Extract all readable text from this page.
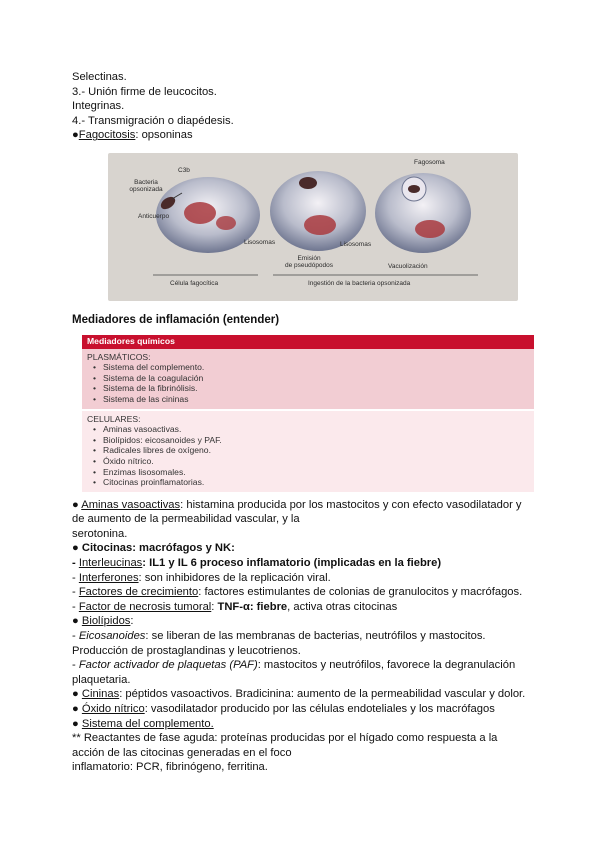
Selectinas.
3.- Unión firme de leucocitos.
Integrinas.
4.- Transmigración o diapédesis.
●Fagocitosis: opsoninas
Bacteria
opsonizada
C3b
Anticuerpo
Fagosoma
Lisosomas	Lisosomas
Emisión
de pseudópodos	Vacuolización
Célula fagocítica	Ingestión de la bacteria opsonizada
Mediadores de inflamación (entender)
Mediadores químicos
PLASMÁTICOS:
• Sistema del complemento.
• Sistema de la coagulación
• Sistema de la fibrinólisis.
• Sistema de las cininas
CELULARES:
• Aminas vasoactivas.
• Biolípidos: eicosanoides y PAF.
• Radicales libres de oxígeno.
• Óxido nítrico.
• Enzimas lisosomales.
• Citocinas proinflamatorias.
● Aminas vasoactivas: histamina producida por los mastocitos y con efecto vasodilatador y de aumento de la permeabilidad vascular, y la
serotonina.
● Citocinas: macrófagos y NK:
- Interleucinas: IL1 y IL 6 proceso inflamatorio (implicadas en la fiebre)
- Interferones: son inhibidores de la replicación viral.
- Factores de crecimiento: factores estimulantes de colonias de granulocitos y macrófagos.
- Factor de necrosis tumoral: TNF-α: fiebre, activa otras citocinas
● Biolípidos:
- Eicosanoides: se liberan de las membranas de bacterias, neutrófilos y mastocitos.
Producción de prostaglandinas y leucotrienos.
- Factor activador de plaquetas (PAF): mastocitos y neutrófilos, favorece la degranulación plaquetaria.
● Cininas: péptidos vasoactivos. Bradicinina: aumento de la permeabilidad vascular y dolor.
● Óxido nítrico: vasodilatador producido por las células endoteliales y los macrófagos
● Sistema del complemento.
** Reactantes de fase aguda: proteínas producidas por el hígado como respuesta a la acción de las citocinas generadas en el foco
inflamatorio: PCR, fibrinógeno, ferritina.
